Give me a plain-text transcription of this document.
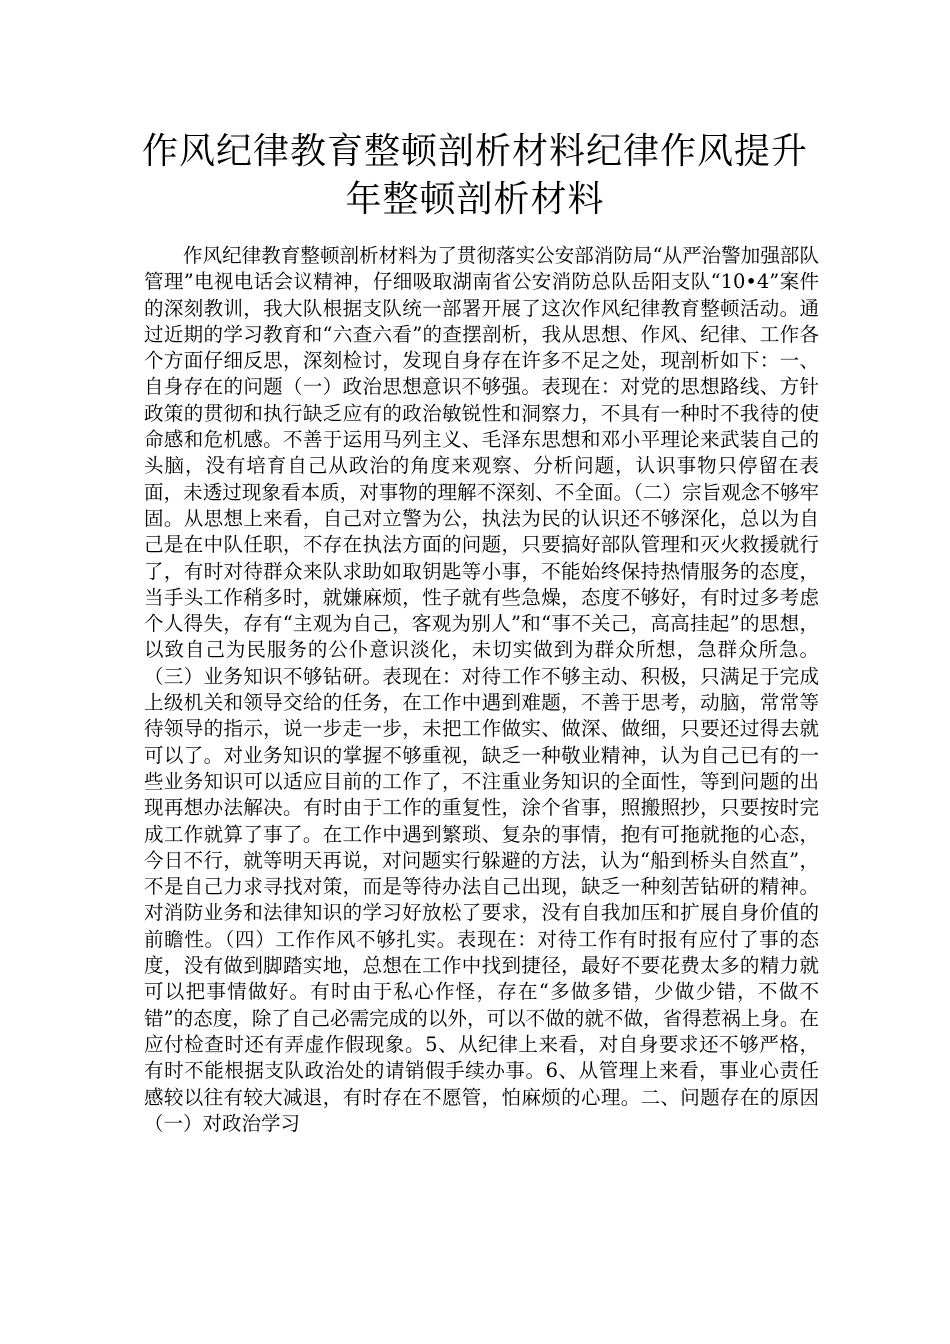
作风纪律教育整顿剖析材料纪律作风提升
年整顿剖析材料

作风纪律教育整顿剖析材料为了贯彻落实公安部消防局“从严治警加强部队管理”电视电话会议精神，仔细吸取湖南省公安消防总队岳阳支队“10•4”案件的深刻教训，我大队根据支队统一部署开展了这次作风纪律教育整顿活动。通过近期的学习教育和“六查六看”的查摆剖析，我从思想、作风、纪律、工作各个方面仔细反思，深刻检讨，发现自身存在许多不足之处，现剖析如下：一、自身存在的问题（一）政治思想意识不够强。表现在：对党的思想路线、方针政策的贯彻和执行缺乏应有的政治敏锐性和洞察力，不具有一种时不我待的使命感和危机感。不善于运用马列主义、毛泽东思想和邓小平理论来武装自己的头脑，没有培育自己从政治的角度来观察、分析问题，认识事物只停留在表面，未透过现象看本质，对事物的理解不深刻、不全面。（二）宗旨观念不够牢固。从思想上来看，自己对立警为公，执法为民的认识还不够深化，总以为自己是在中队任职，不存在执法方面的问题，只要搞好部队管理和灭火救援就行了，有时对待群众来队求助如取钥匙等小事，不能始终保持热情服务的态度，当手头工作稍多时，就嫌麻烦，性子就有些急燥，态度不够好，有时过多考虑个人得失，存有“主观为自己，客观为别人”和“事不关己，高高挂起”的思想，以致自己为民服务的公仆意识淡化，未切实做到为群众所想，急群众所急。（三）业务知识不够钻研。表现在：对待工作不够主动、积极，只满足于完成上级机关和领导交给的任务，在工作中遇到难题，不善于思考，动脑，常常等待领导的指示，说一步走一步，未把工作做实、做深、做细，只要还过得去就可以了。对业务知识的掌握不够重视，缺乏一种敬业精神，认为自己已有的一些业务知识可以适应目前的工作了，不注重业务知识的全面性，等到问题的出现再想办法解决。有时由于工作的重复性，涂个省事，照搬照抄，只要按时完成工作就算了事了。在工作中遇到繁琐、复杂的事情，抱有可拖就拖的心态，今日不行，就等明天再说，对问题实行躲避的方法，认为“船到桥头自然直”，不是自己力求寻找对策，而是等待办法自己出现，缺乏一种刻苦钻研的精神。对消防业务和法律知识的学习好放松了要求，没有自我加压和扩展自身价值的前瞻性。（四）工作作风不够扎实。表现在：对待工作有时报有应付了事的态度，没有做到脚踏实地，总想在工作中找到捷径，最好不要花费太多的精力就可以把事情做好。有时由于私心作怪，存在“多做多错，少做少错，不做不错”的态度，除了自己必需完成的以外，可以不做的就不做，省得惹祸上身。在应付检查时还有弄虚作假现象。5、从纪律上来看，对自身要求还不够严格，有时不能根据支队政治处的请销假手续办事。6、从管理上来看，事业心责任感较以往有较大减退，有时存在不愿管，怕麻烦的心理。二、问题存在的原因（一）对政治学习
